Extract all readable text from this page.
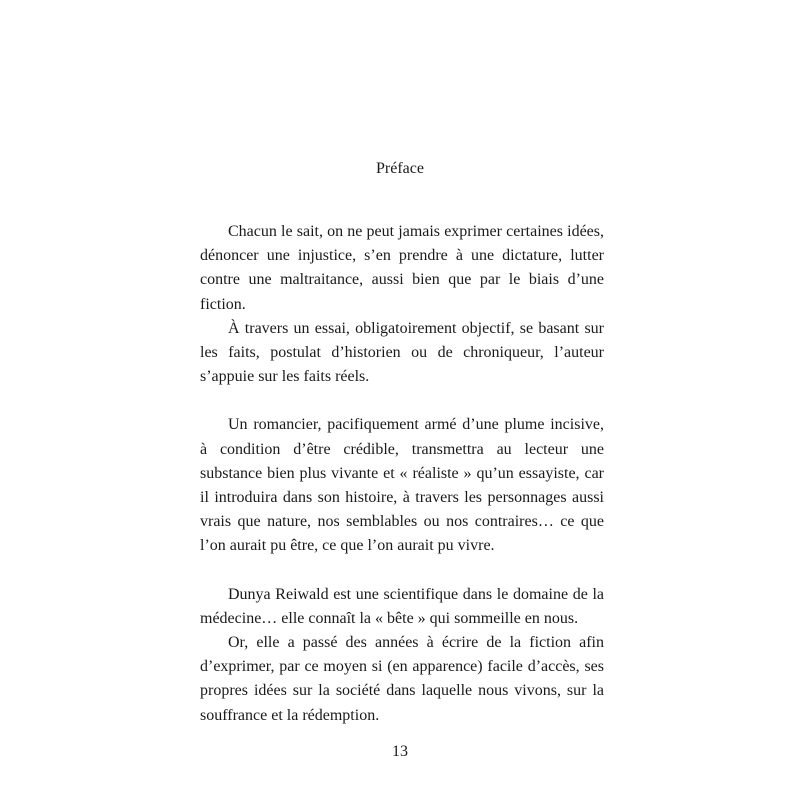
Préface

Chacun le sait, on ne peut jamais exprimer certaines idées, dénoncer une injustice, s’en prendre à une dictature, lutter contre une maltraitance, aussi bien que par le biais d’une fiction.

À travers un essai, obligatoirement objectif, se basant sur les faits, postulat d’historien ou de chroniqueur, l’auteur s’appuie sur les faits réels.

Un romancier, pacifiquement armé d’une plume incisive, à condition d’être crédible, transmettra au lecteur une substance bien plus vivante et « réaliste » qu’un essayiste, car il introduira dans son histoire, à travers les personnages aussi vrais que nature, nos semblables ou nos contraires… ce que l’on aurait pu être, ce que l’on aurait pu vivre.

Dunya Reiwald est une scientifique dans le domaine de la médecine… elle connaît la « bête » qui sommeille en nous.

Or, elle a passé des années à écrire de la fiction afin d’exprimer, par ce moyen si (en apparence) facile d’accès, ses propres idées sur la société dans laquelle nous vivons, sur la souffrance et la rédemption.

13
